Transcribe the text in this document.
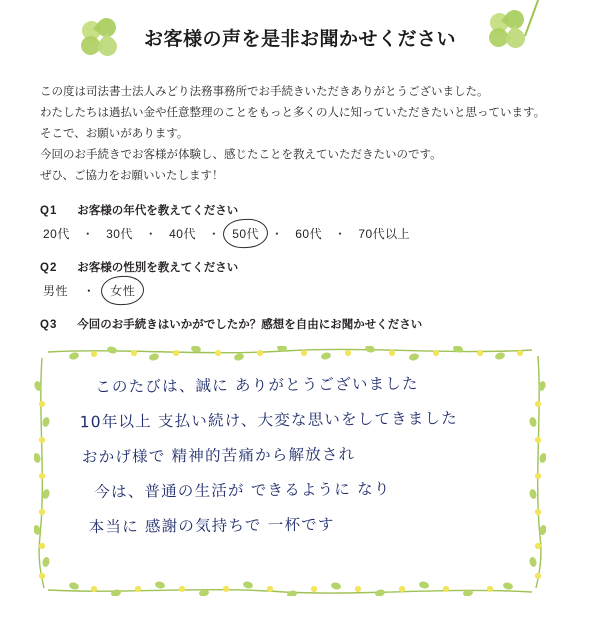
お客様の声を是非お聞かせください

この度は司法書士法人みどり法務事務所でお手続きいただきありがとうございました。

わたしたちは過払い金や任意整理のことをもっと多くの人に知っていただきたいと思っています。

そこで、お願いがあります。

今回のお手続きでお客様が体験し、感じたことを教えていただきたいのです。

ぜひ、ご協力をお願いいたします！

Q1 お客様の年代を教えてください
20代 ・ 30代 ・ 40代 ・ 50代 ・ 60代 ・ 70代以上
Q2 お客様の性別を教えてください
男性 ・ 女性
Q3 今回のお手続きはいかがでしたか？感想を自由にお聞かせください
このたびは、誠に ありがとうございました
10年以上 支払い続け、大変な思いをしてきました
おかげ様で 精神的苦痛から解放され
今は、普通の生活が できるように なり
本当に 感謝の気持ちで 一杯です
